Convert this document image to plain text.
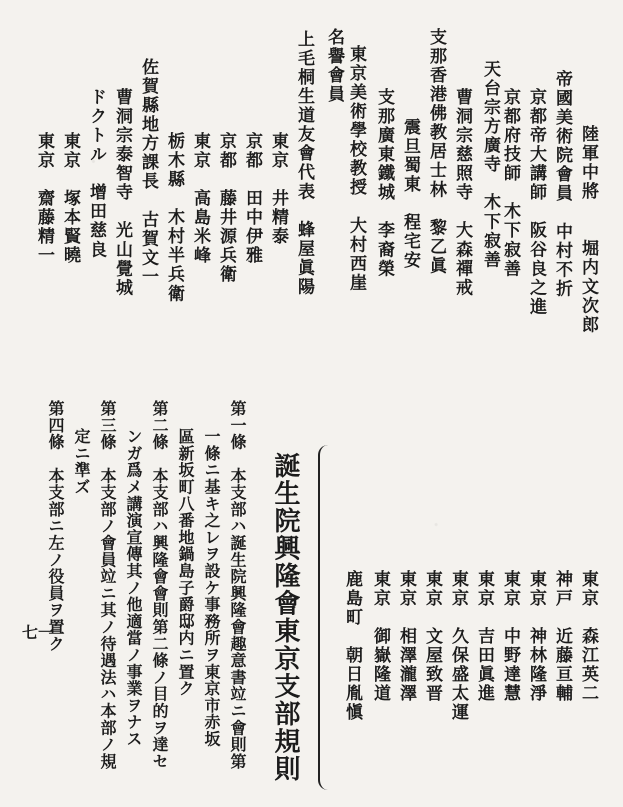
陸軍中將　　堀内文次郎
帝國美術院會員　中村不折
京都帝大講師　阪谷良之進
京都府技師　木下寂善
天台宗方廣寺　木下寂善
曹洞宗慈照寺　大森禪戒
支那香港佛教居士林　黎乙眞
震旦蜀東　程宅安
支那廣東鐵城　李裔榮
東京美術學校教授　大村西崖
名譽會員
上毛桐生道友會代表　蜂屋眞陽
東京　井精泰
京都　田中伊雅
京都　藤井源兵衛
東京　高島米峰
栃木縣　木村半兵衛
佐賀縣地方課長　古賀文一
曹洞宗泰智寺　光山覺城
ドクトル　增田慈良
東京　塚本賢曉
東京　齋藤精一
東京　森江英二
神戸　近藤亘輔
東京　神林隆淨
東京　中野達慧
東京　吉田眞進
東京　久保盛太運
東京　文屋致晋
東京　相澤瀧澤
東京　御嶽隆道
鹿島町　朝日胤愼
誕生院興隆會東京支部規則
第一條　本支部ハ誕生院興隆會趣意書竝ニ會則第
一條ニ基キ之レヲ設ケ事務所ヲ東京市赤坂
區新坂町八番地鍋島子爵邸内ニ置ク
第二條　本支部ハ興隆會會則第二條ノ目的ヲ達セ
ンガ爲メ講演宣傳其ノ他適當ノ事業ヲナス
第三條　本支部ノ會員竝ニ其ノ待遇法ハ本部ノ規
定ニ準ズ
第四條　本支部ニ左ノ役員ヲ置ク
七一
